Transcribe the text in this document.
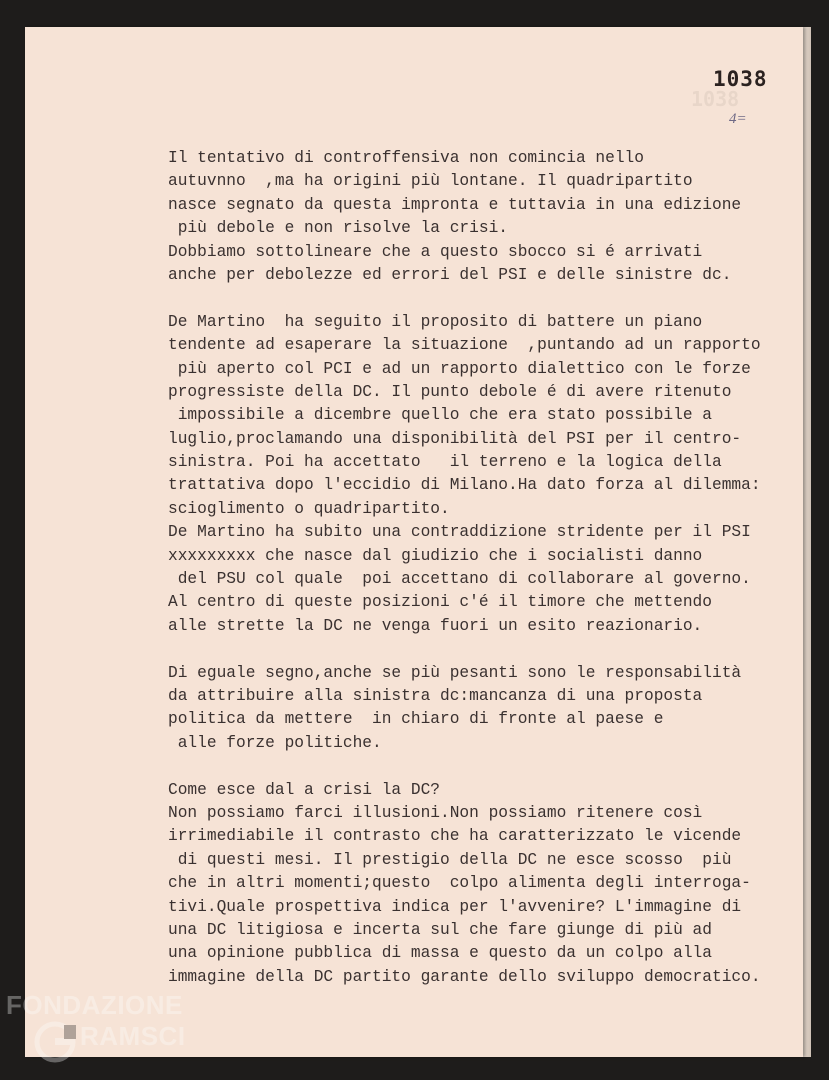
1038
1038
4=
Il tentativo di controffensiva non comincia nello
autuvnno  ,ma ha origini più lontane. Il quadripartito
nasce segnato da questa impronta e tuttavia in una edizione
più debole e non risolve la crisi.
Dobbiamo sottolineare che a questo sbocco si é arrivati
anche per debolezze ed errori del PSI e delle sinistre dc.
De Martino  ha seguito il proposito di battere un piano
tendente ad esaperare la situazione  ,puntando ad un rapporto
più aperto col PCI e ad un rapporto dialettico con le forze
progressiste della DC. Il punto debole é di avere ritenuto
impossibile a dicembre quello che era stato possibile a
luglio,proclamando una disponibilità del PSI per il centro-
sinistra. Poi ha accettato   il terreno e la logica della
trattativa dopo l'eccidio di Milano.Ha dato forza al dilemma:
scioglimento o quadripartito.
De Martino ha subito una contraddizione stridente per il PSI
xxxxxxxxx che nasce dal giudizio che i socialisti danno
del PSU col quale  poi accettano di collaborare al governo.
Al centro di queste posizioni c'é il timore che mettendo
alle strette la DC ne venga fuori un esito reazionario.
Di eguale segno,anche se più pesanti sono le responsabilità
da attribuire alla sinistra dc:mancanza di una proposta
politica da mettere  in chiaro di fronte al paese e
alle forze politiche.
Come esce dal a crisi la DC?
Non possiamo farci illusioni.Non possiamo ritenere così
irrimediabile il contrasto che ha caratterizzato le vicende
di questi mesi. Il prestigio della DC ne esce scosso  più
che in altri momenti;questo  colpo alimenta degli interroga-
tivi.Quale prospettiva indica per l'avvenire? L'immagine di
una DC litigiosa e incerta sul che fare giunge di più ad
una opinione pubblica di massa e questo da un colpo alla
immagine della DC partito garante dello sviluppo democratico.
FONDAZIONE
RAMSCI
